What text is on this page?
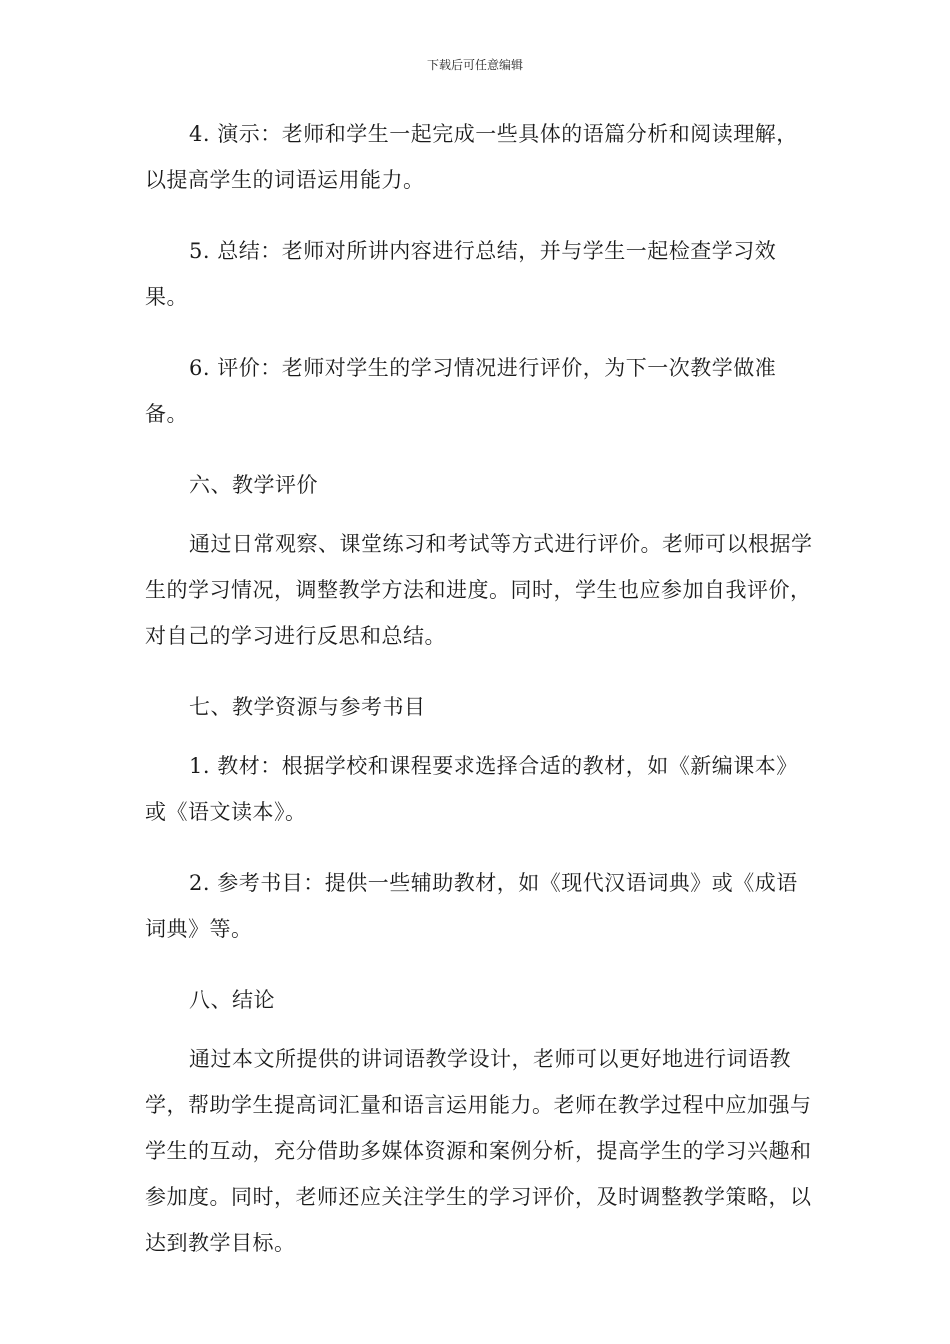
下载后可任意编辑

4. 演示：老师和学生一起完成一些具体的语篇分析和阅读理解，以提高学生的词语运用能力。

5. 总结：老师对所讲内容进行总结，并与学生一起检查学习效果。

6. 评价：老师对学生的学习情况进行评价，为下一次教学做准备。

六、教学评价

通过日常观察、课堂练习和考试等方式进行评价。老师可以根据学生的学习情况，调整教学方法和进度。同时，学生也应参加自我评价，对自己的学习进行反思和总结。

七、教学资源与参考书目

1. 教材：根据学校和课程要求选择合适的教材，如《新编课本》或《语文读本》。

2. 参考书目：提供一些辅助教材，如《现代汉语词典》或《成语词典》等。

八、结论

通过本文所提供的讲词语教学设计，老师可以更好地进行词语教学，帮助学生提高词汇量和语言运用能力。老师在教学过程中应加强与学生的互动，充分借助多媒体资源和案例分析，提高学生的学习兴趣和参加度。同时，老师还应关注学生的学习评价，及时调整教学策略，以达到教学目标。
